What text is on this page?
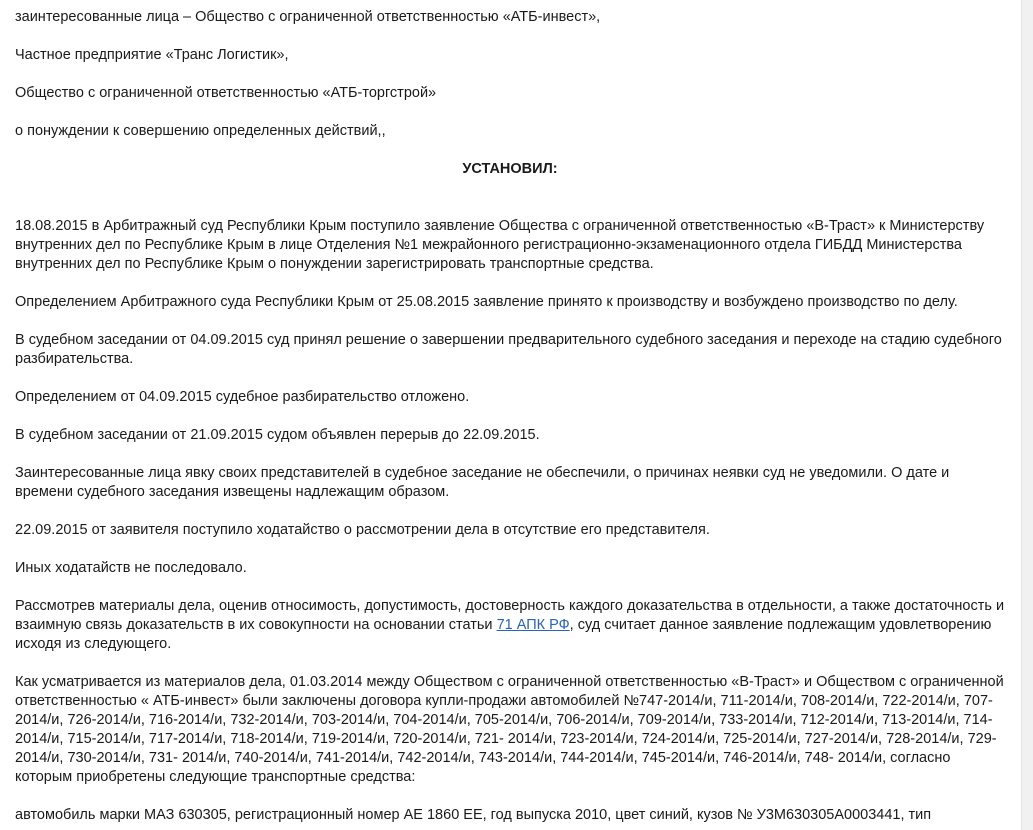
заинтересованные лица – Общество с ограниченной ответственностью «АТБ-инвест»,

Частное предприятие «Транс Логистик»,

Общество с ограниченной ответственностью «АТБ-торгстрой»

о понуждении к совершению определенных действий,,

УСТАНОВИЛ:

18.08.2015 в Арбитражный суд Республики Крым поступило заявление Общества с ограниченной ответственностью «В-Траст» к Министерству внутренних дел по Республике Крым в лице Отделения №1 межрайонного регистрационно-экзаменационного отдела ГИБДД Министерства внутренних дел по Республике Крым о понуждении зарегистрировать транспортные средства.

Определением Арбитражного суда Республики Крым от 25.08.2015 заявление принято к производству и возбуждено производство по делу.

В судебном заседании от 04.09.2015 суд принял решение о завершении предварительного судебного заседания и переходе на стадию судебного разбирательства.

Определением от 04.09.2015 судебное разбирательство отложено.

В судебном заседании от 21.09.2015 судом объявлен перерыв до 22.09.2015.

Заинтересованные лица явку своих представителей в судебное заседание не обеспечили, о причинах неявки суд не уведомили. О дате и времени судебного заседания извещены надлежащим образом.

22.09.2015 от заявителя поступило ходатайство о рассмотрении дела в отсутствие его представителя.

Иных ходатайств не последовало.

Рассмотрев материалы дела, оценив относимость, допустимость, достоверность каждого доказательства в отдельности, а также достаточность и взаимную связь доказательств в их совокупности на основании статьи 71 АПК РФ, суд считает данное заявление подлежащим удовлетворению исходя из следующего.

Как усматривается из материалов дела, 01.03.2014 между Обществом с ограниченной ответственностью «В-Траст» и Обществом с ограниченной ответственностью « АТБ-инвест» были заключены договора купли-продажи автомобилей №747-2014/и, 711-2014/и, 708-2014/и, 722-2014/и, 707-2014/и, 726-2014/и, 716-2014/и, 732-2014/и, 703-2014/и, 704-2014/и, 705-2014/и, 706-2014/и, 709-2014/и, 733-2014/и, 712-2014/и, 713-2014/и, 714-2014/и, 715-2014/и, 717-2014/и, 718-2014/и, 719-2014/и, 720-2014/и, 721- 2014/и, 723-2014/и, 724-2014/и, 725-2014/и, 727-2014/и, 728-2014/и, 729-2014/и, 730-2014/и, 731- 2014/и, 740-2014/и, 741-2014/и, 742-2014/и, 743-2014/и, 744-2014/и, 745-2014/и, 746-2014/и, 748- 2014/и, согласно которым приобретены следующие транспортные средства:

автомобиль марки МАЗ 630305, регистрационный номер АЕ 1860 ЕЕ, год выпуска 2010, цвет синий, кузов № У3М630305А0003441, тип
